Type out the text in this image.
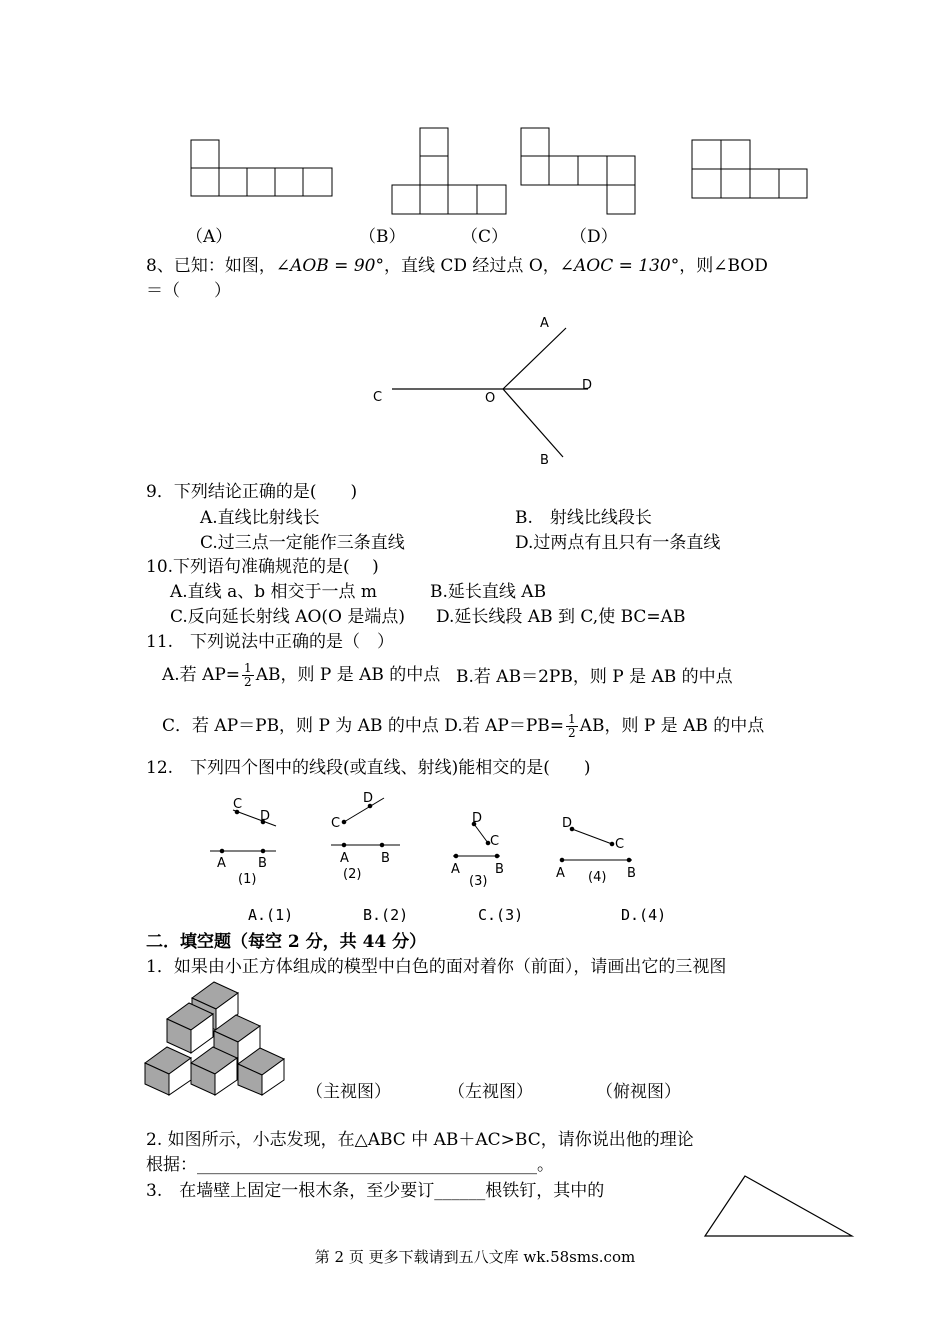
（A）	（B）	（C）	（D）
8、已知：如图，∠AOB = 90°，直线 CD 经过点 O，∠AOC = 130°，则∠BOD
＝（　　）
A
B
C
D
O
9．下列结论正确的是(　　)
A.直线比射线长	B.　射线比线段长
C.过三点一定能作三条直线	D.过两点有且只有一条直线
10.下列语句准确规范的是(　 )
A.直线 a、b 相交于一点 m	B.延长直线 AB
C.反向延长射线 AO(O 是端点) D.延长线段 AB 到 C,使 BC=AB
11.　下列说法中正确的是（　）
A.若 $AP= \frac{1}{2}$ AB，则 P 是 AB 的中点 B.若 AB＝2PB，则 P 是 AB 的中点
C．若 AP＝PB，则 P 为 AB 的中点 D.若 $AP=PB= \frac{1}{2}$ AB，则 P 是 AB 的中点
12.　下列四个图中的线段(或直线、射线)能相交的是(　　)
C
D
A B
(1)
C
D
A B
(2)
D
C
A	B
(3)
D
C
A	B
(4)
A.(1)	B.(2)	C.(3)	D.(4)
二．填空题（每空 2 分，共 44 分）
1．如果由小正方体组成的模型中白色的面对着你（前面），请画出它的三视图
（主视图）	（左视图）	（俯视图）
2. 如图所示，小志发现，在△ABC 中 AB＋AC>BC，请你说出他的理论
根据：________________________________________。
3.　在墙壁上固定一根木条，至少要订______根铁钉，其中的
第 2 页 更多下载请到五八文库 wk.58sms.com
